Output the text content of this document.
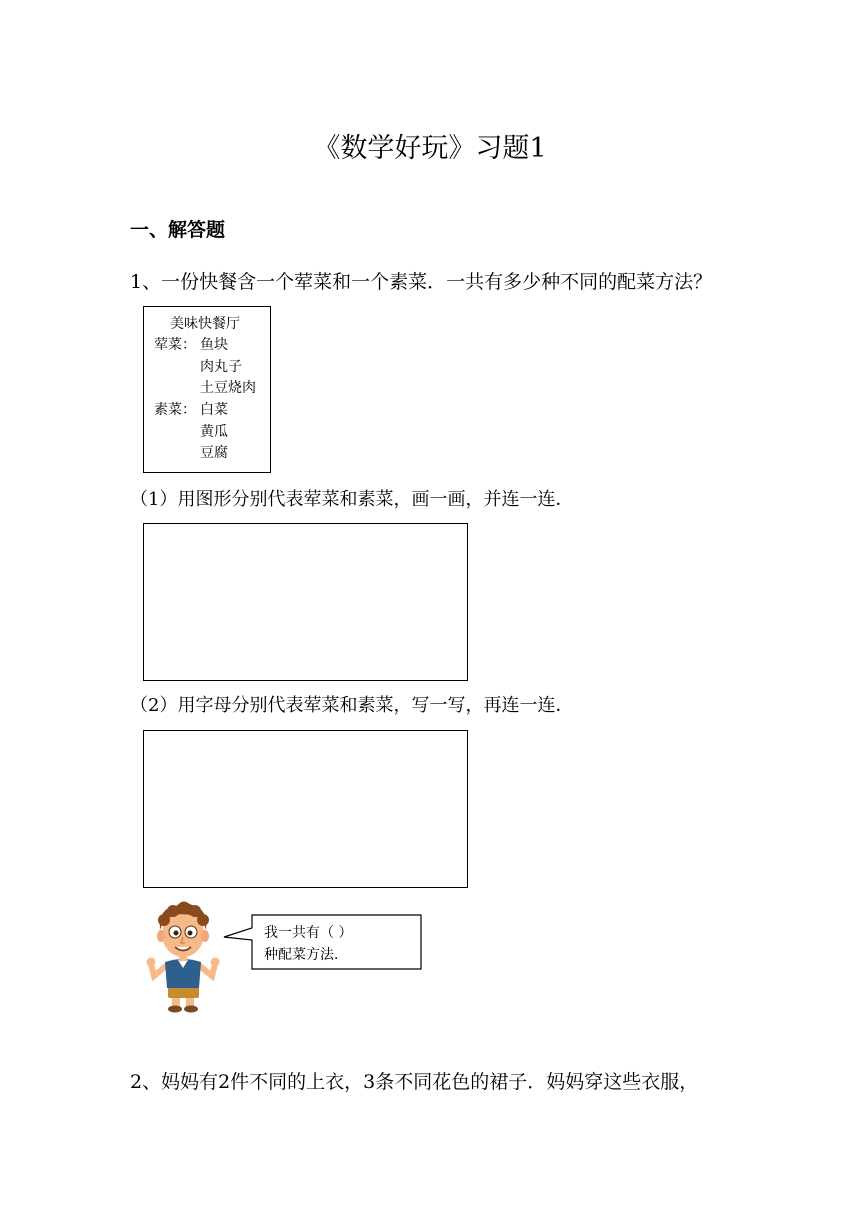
《数学好玩》习题1
一、解答题
1、一份快餐含一个荤菜和一个素菜．一共有多少种不同的配菜方法？
美味快餐厅
荤菜： 鱼块
肉丸子
土豆烧肉
素菜： 白菜
黄瓜
豆腐
（1）用图形分别代表荤菜和素菜，画一画，并连一连．
（2）用字母分别代表荤菜和素菜，写一写，再连一连．
我一共有（ ）
种配菜方法．
2、妈妈有2件不同的上衣，3条不同花色的裙子．妈妈穿这些衣服，
